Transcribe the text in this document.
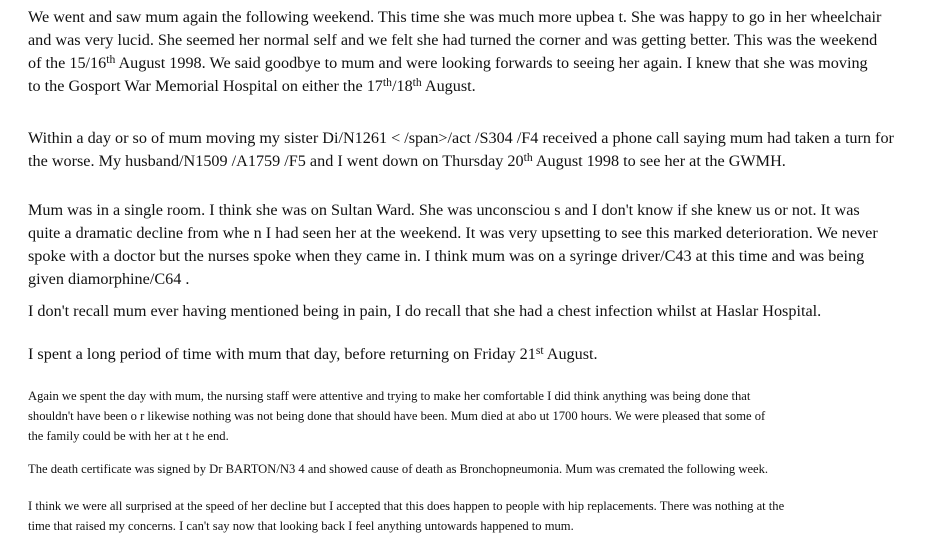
We went and saw mum again the following weekend. This time she was much more upbea t. She was happy to go in her wheelchair
and was very lucid. She seemed her normal self and we felt she had turned the corner and was getting better. This was the weekend
of the 15/16th August 1998. We said goodbye to mum and were looking forwards to seeing her again. I knew that she was moving
to the Gosport War Memorial Hospital on either the 17th/18th August.

Within a day or so of mum moving my sister Di/N1261 < /span>/act /S304 /F4 received a phone call saying mum had taken a turn for
the worse. My husband/N1509 /A1759 /F5 and I went down on Thursday 20th August 1998 to see her at the GWMH.

Mum was in a single room. I think she was on Sultan Ward. She was unconsciou s and I don't know if she knew us or not. It was
quite a dramatic decline from whe n I had seen her at the weekend. It was very upsetting to see this marked deterioration. We never
spoke with a doctor but the nurses spoke when they came in. I think mum was on a syringe driver/C43 at this time and was being
given diamorphine/C64 .

I don't recall mum ever having mentioned being in pain, I do recall that she had a chest infection whilst at Haslar Hospital.

I spent a long period of time with mum that day, before returning on Friday 21st August.

Again we spent the day with mum, the nursing staff were attentive and trying to make her comfortable I did think anything was being done that
shouldn't have been o r likewise nothing was not being done that should have been. Mum died at abo ut 1700 hours. We were pleased that some of
the family could be with her at t he end.

The death certificate was signed by Dr BARTON/N3 4 and showed cause of death as Bronchopneumonia. Mum was cremated the following week.

I think we were all surprised at the speed of her decline but I accepted that this does happen to people with hip replacements. There was nothing at the
time that raised my concerns. I can't say now that looking back I feel anything untowards happened to mum.
